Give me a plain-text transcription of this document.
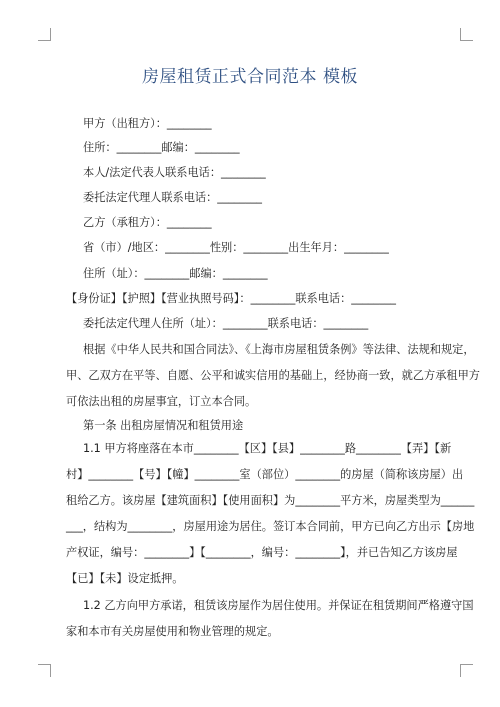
房屋租赁正式合同范本 模板
甲方（出租方）：________
住所：________邮编：________
本人/法定代表人联系电话：________
委托法定代理人联系电话：________
乙方（承租方）：________
省（市）/地区：________性别：________出生年月：________
住所（址）：________邮编：________
【身份证】【护照】【营业执照号码】：________联系电话：________
委托法定代理人住所（址）：________联系电话：________
根据《中华人民共和国合同法》、《上海市房屋租赁条例》等法律、法规和规定，
甲、乙双方在平等、自愿、公平和诚实信用的基础上，经协商一致，就乙方承租甲方
可依法出租的房屋事宜，订立本合同。
第一条 出租房屋情况和租赁用途
1.1 甲方将座落在本市________【区】【县】________路________【弄】【新
村】________【号】【幢】________室（部位）________的房屋（简称该房屋）出
租给乙方。该房屋【建筑面积】【使用面积】为________平方米，房屋类型为______
___，结构为________，房屋用途为居住。签订本合同前，甲方已向乙方出示【房地
产权证，编号：________】【________，编号：________】，并已告知乙方该房屋
【已】【未】设定抵押。
1.2 乙方向甲方承诺，租赁该房屋作为居住使用。并保证在租赁期间严格遵守国
家和本市有关房屋使用和物业管理的规定。
